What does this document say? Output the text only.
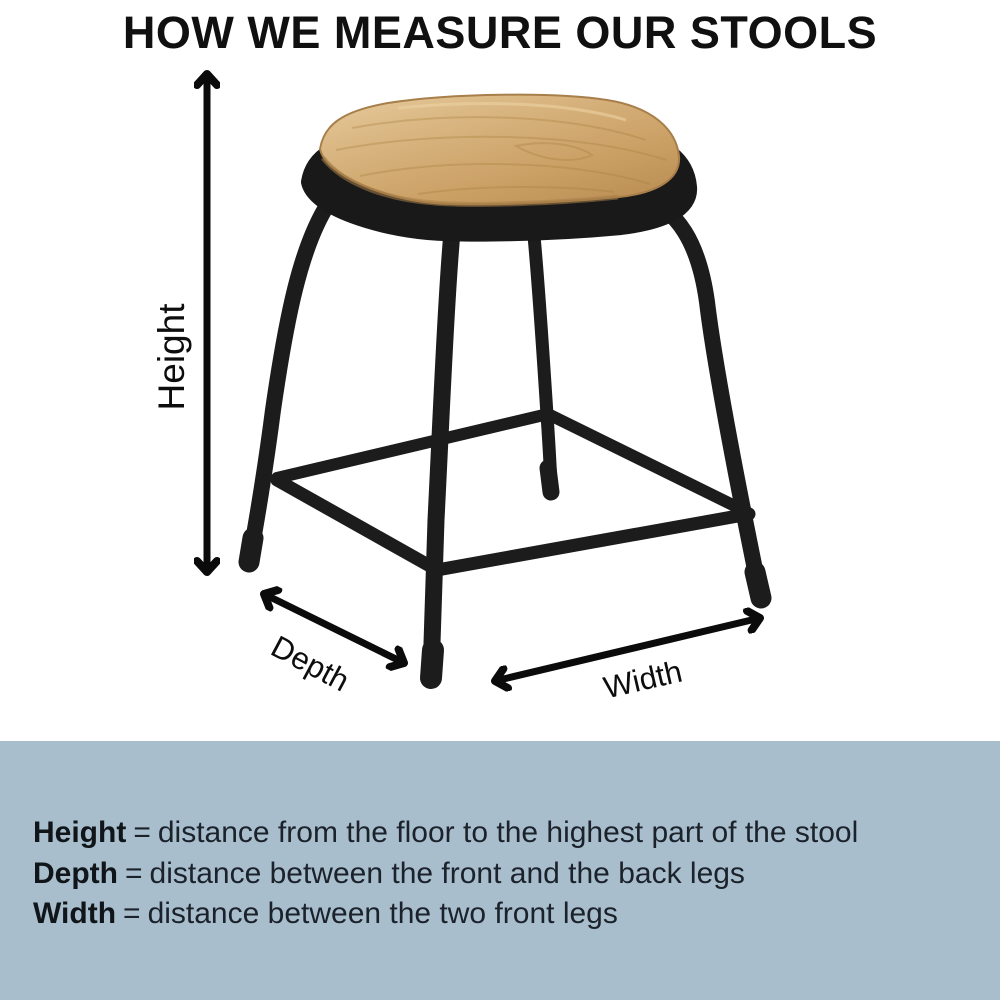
HOW WE MEASURE OUR STOOLS
Height
Depth	Width
Height = distance from the floor to the highest part of the stool
Depth = distance between the front and the back legs
Width = distance between the two front legs
